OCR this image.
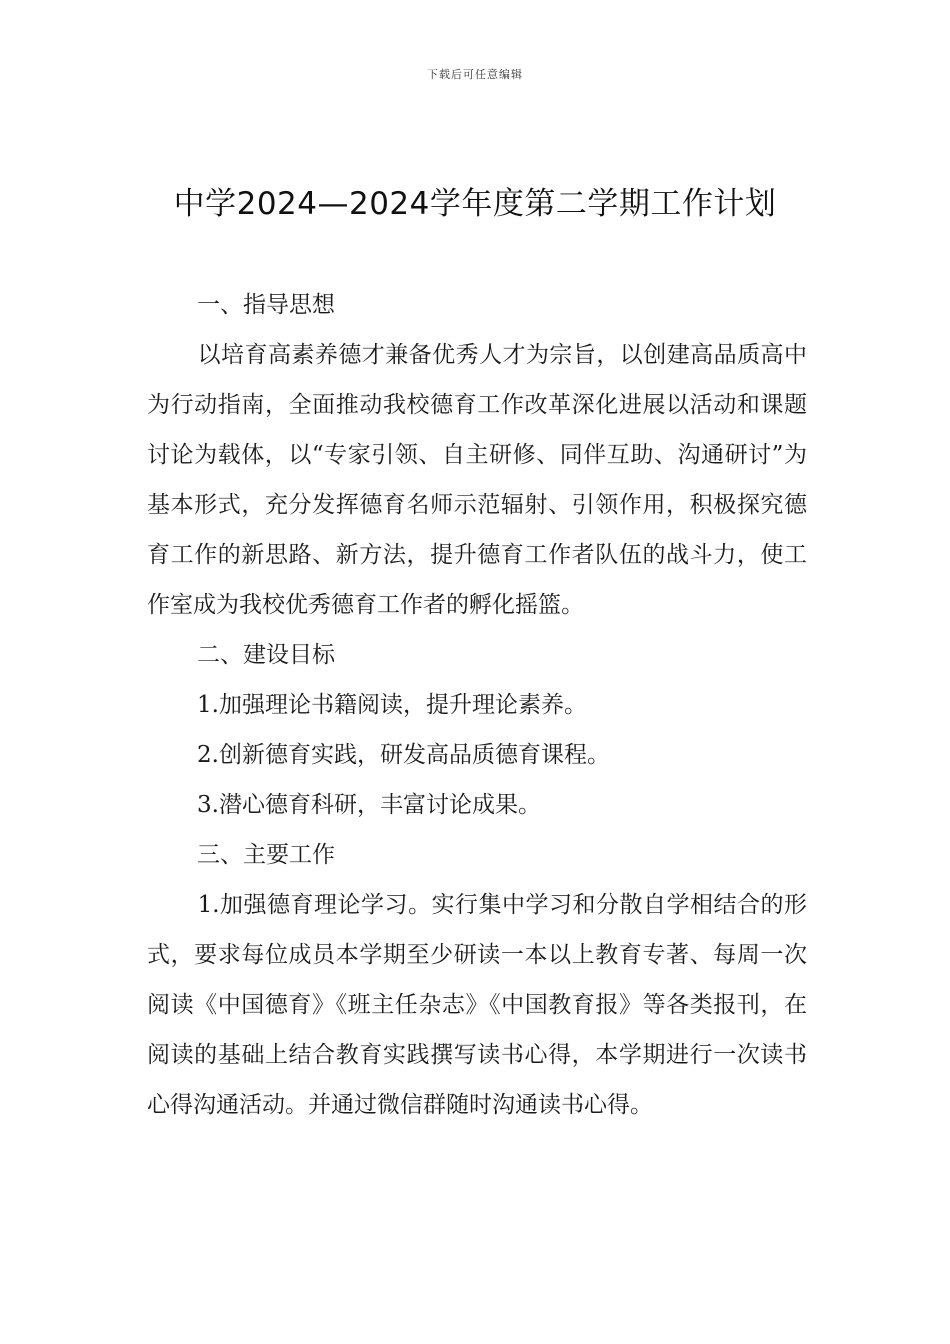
下载后可任意编辑
中学2024—2024学年度第二学期工作计划

一、指导思想

以培育高素养德才兼备优秀人才为宗旨，以创建高品质高中为行动指南，全面推动我校德育工作改革深化进展以活动和课题讨论为载体，以“专家引领、自主研修、同伴互助、沟通研讨”为基本形式，充分发挥德育名师示范辐射、引领作用，积极探究德育工作的新思路、新方法，提升德育工作者队伍的战斗力，使工作室成为我校优秀德育工作者的孵化摇篮。

二、建设目标

1.加强理论书籍阅读，提升理论素养。

2.创新德育实践，研发高品质德育课程。

3.潜心德育科研，丰富讨论成果。

三、主要工作

1.加强德育理论学习。实行集中学习和分散自学相结合的形式，要求每位成员本学期至少研读一本以上教育专著、每周一次阅读《中国德育》《班主任杂志》《中国教育报》等各类报刊，在阅读的基础上结合教育实践撰写读书心得，本学期进行一次读书心得沟通活动。并通过微信群随时沟通读书心得。
